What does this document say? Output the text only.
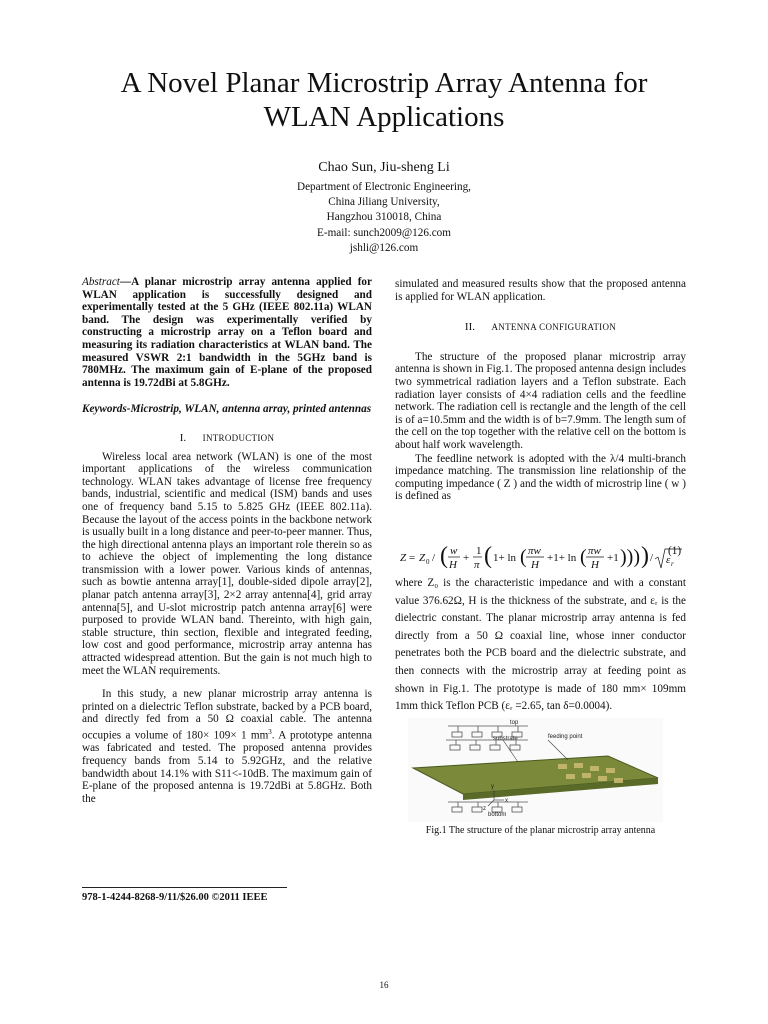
A Novel Planar Microstrip Array Antenna for
WLAN Applications
Chao Sun, Jiu-sheng Li
Department of Electronic Engineering,
China Jiliang University,
Hangzhou 310018, China
E-mail: sunch2009@126.com
jshli@126.com
Abstract—A planar microstrip array antenna applied for WLAN application is successfully designed and experimentally tested at the 5 GHz (IEEE 802.11a) WLAN band. The design was experimentally verified by constructing a microstrip array on a Teflon board and measuring its radiation characteristics at WLAN band. The measured VSWR 2:1 bandwidth in the 5GHz band is 780MHz. The maximum gain of E-plane of the proposed antenna is 19.72dBi at 5.8GHz.
Keywords-Microstrip, WLAN, antenna array, printed antennas
I. INTRODUCTION
Wireless local area network (WLAN) is one of the most important applications of the wireless communication technology. WLAN takes advantage of license free frequency bands, industrial, scientific and medical (ISM) bands and uses one of frequency band 5.15 to 5.825 GHz (IEEE 802.11a). Because the layout of the access points in the backbone network is usually built in a long distance and peer-to-peer manner. Thus, the high directional antenna plays an important role therein so as to achieve the object of implementing the long distance transmission with a lower power. Various kinds of antennas, such as bowtie antenna array[1], double-sided dipole array[2], planar patch antenna array[3], 2×2 array antenna[4], grid array antenna[5], and U-slot microstrip patch antenna array[6] were purposed to provide WLAN band. Thereinto, with high gain, stable structure, thin section, flexible and integrated feeding, low cost and good performance, microstrip array antenna has attracted widespread attention. But the gain is not much high to meet the WLAN requirements.
In this study, a new planar microstrip array antenna is printed on a dielectric Teflon substrate, backed by a PCB board, and directly fed from a 50 Ω coaxial cable. The antenna occupies a volume of 180× 109× 1 $mm^3$. A prototype antenna was fabricated and tested. The proposed antenna provides frequency bands from 5.14 to 5.92GHz, and the relative bandwidth about 14.1% with S11<-10dB. The maximum gain of E-plane of the proposed antenna is 19.72dBi at 5.8GHz. Both the
simulated and measured results show that the proposed antenna is applied for WLAN application.
II. ANTENNA CONFIGURATION
The structure of the proposed planar microstrip array antenna is shown in Fig.1. The proposed antenna design includes two symmetrical radiation layers and a Teflon substrate. Each radiation layer consists of 4×4 radiation cells and the feedline network. The radiation cell is rectangle and the length of the cell is of a=10.5mm and the width is of b=7.9mm. The length sum of the cell on the top together with the relative cell on the bottom is about half work wavelength.
The feedline network is adopted with the λ/4 multi-branch impedance matching. The transmission line relationship of the computing impedance ( Z ) and the width of microstrip line ( w ) is defined as
Z = Z 0 / ( w
H
+
1
π ( 1+ ln ( πw
H
+1+ ln ( πw
H
+1 ))) ) / ε r
(1)
where Z₀ is the characteristic impedance and with a constant value 376.62Ω, H is the thickness of the substrate, and εᵣ is the dielectric constant. The planar microstrip array antenna is fed directly from a 50 Ω coaxial line, whose inner conductor penetrates both the PCB board and the dielectric substrate, and then connects with the microstrip array at feeding point as shown in Fig.1. The prototype is made of 180 mm× 109mm 1mm thick Teflon PCB (εᵣ =2.65, tan δ=0.0004).
top
substrate	feeding point
bottom
y
x
z
Fig.1 The structure of the planar microstrip array antenna
978-1-4244-8268-9/11/$26.00 ©2011 IEEE
16
